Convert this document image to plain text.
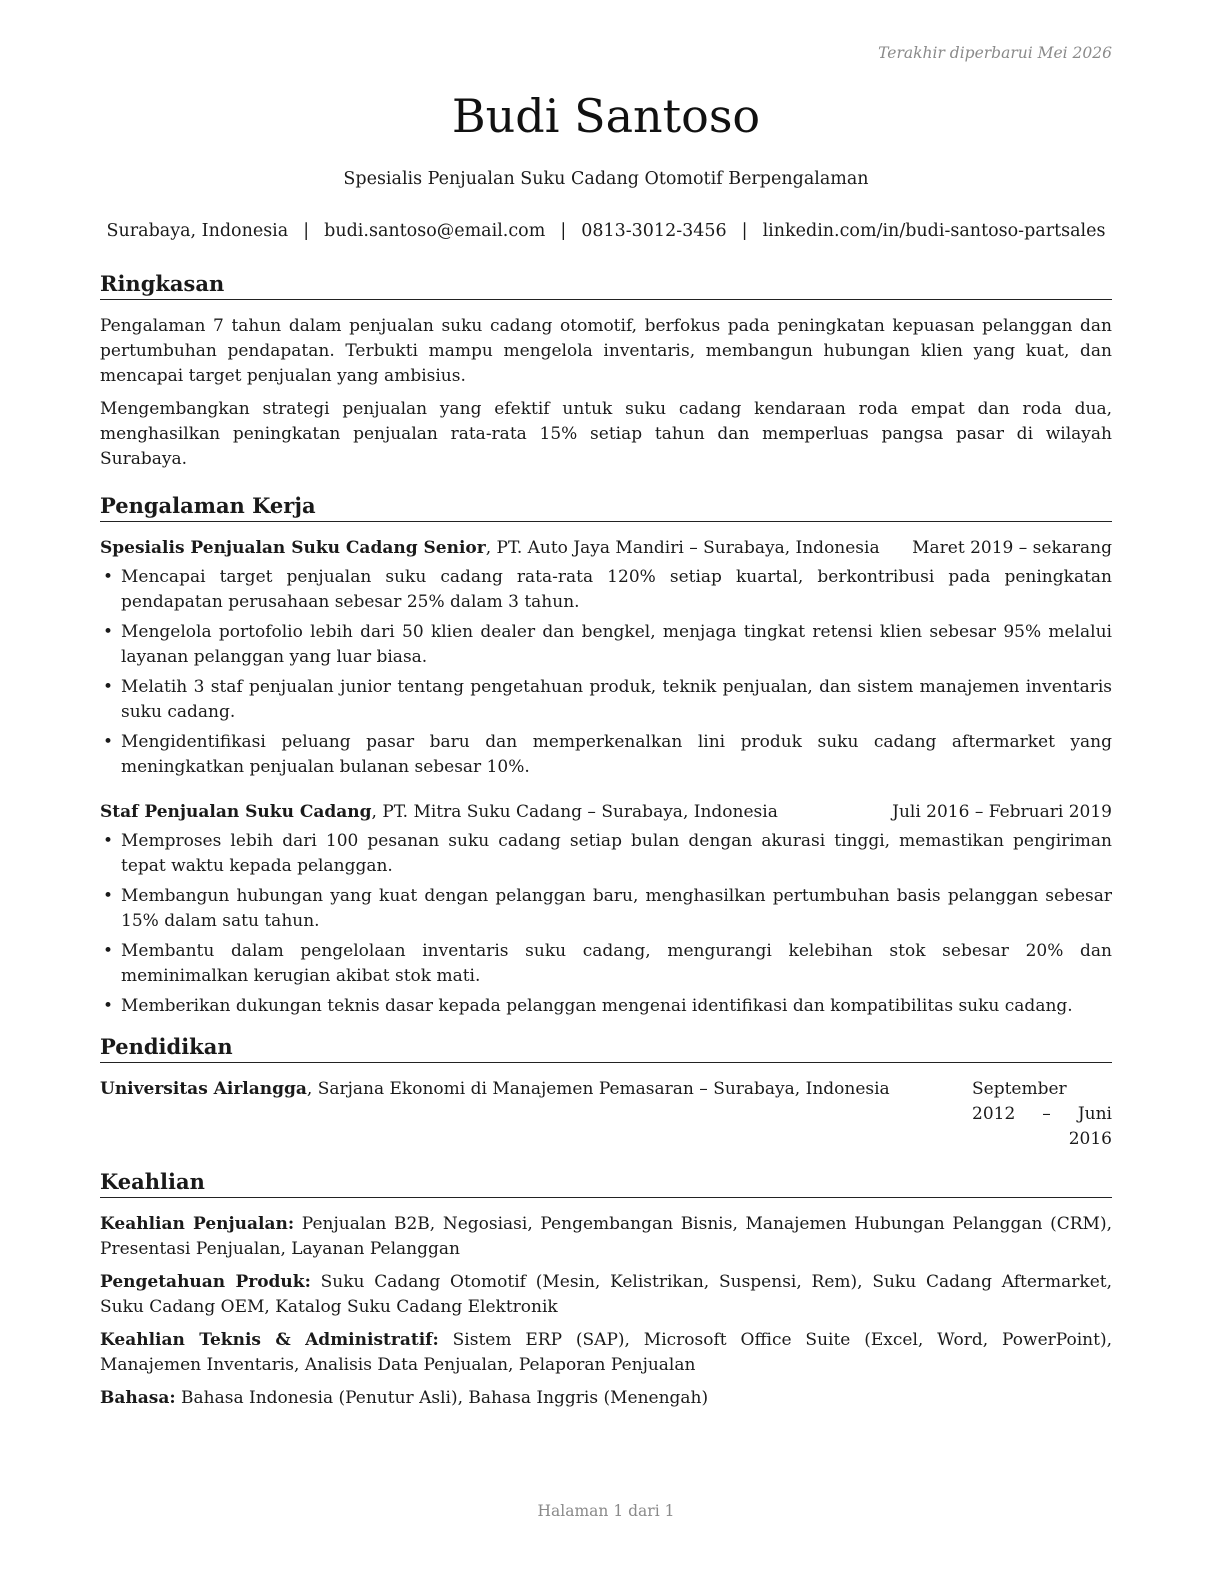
Terakhir diperbarui Mei 2026
Budi Santoso
Spesialis Penjualan Suku Cadang Otomotif Berpengalaman
Surabaya, Indonesia | budi.santoso@email.com | 0813-3012-3456 | linkedin.com/in/budi-santoso-partsales
Ringkasan

Pengalaman 7 tahun dalam penjualan suku cadang otomotif, berfokus pada peningkatan kepuasan pelanggan dan pertumbuhan pendapatan. Terbukti mampu mengelola inventaris, membangun hubungan klien yang kuat, dan mencapai target penjualan yang ambisius.

Mengembangkan strategi penjualan yang efektif untuk suku cadang kendaraan roda empat dan roda dua, menghasilkan peningkatan penjualan rata-rata 15% setiap tahun dan memperluas pangsa pasar di wilayah Surabaya.

Pengalaman Kerja
Spesialis Penjualan Suku Cadang Senior, PT. Auto Jaya Mandiri – Surabaya, Indonesia Maret 2019 – sekarang
• Mencapai target penjualan suku cadang rata-rata 120% setiap kuartal, berkontribusi pada peningkatan pendapatan perusahaan sebesar 25% dalam 3 tahun.
• Mengelola portofolio lebih dari 50 klien dealer dan bengkel, menjaga tingkat retensi klien sebesar 95% melalui layanan pelanggan yang luar biasa.
• Melatih 3 staf penjualan junior tentang pengetahuan produk, teknik penjualan, dan sistem manajemen inventaris suku cadang.
• Mengidentifikasi peluang pasar baru dan memperkenalkan lini produk suku cadang aftermarket yang meningkatkan penjualan bulanan sebesar 10%.
Staf Penjualan Suku Cadang, PT. Mitra Suku Cadang – Surabaya, Indonesia	Juli 2016 – Februari 2019
• Memproses lebih dari 100 pesanan suku cadang setiap bulan dengan akurasi tinggi, memastikan pengiriman tepat waktu kepada pelanggan.
• Membangun hubungan yang kuat dengan pelanggan baru, menghasilkan pertumbuhan basis pelanggan sebesar 15% dalam satu tahun.
• Membantu dalam pengelolaan inventaris suku cadang, mengurangi kelebihan stok sebesar 20% dan meminimalkan kerugian akibat stok mati.
• Memberikan dukungan teknis dasar kepada pelanggan mengenai identifikasi dan kompatibilitas suku cadang.
Pendidikan
Universitas Airlangga, Sarjana Ekonomi di Manajemen Pemasaran – Surabaya, Indonesia	September 2012 – Juni 2016
Keahlian

Keahlian Penjualan: Penjualan B2B, Negosiasi, Pengembangan Bisnis, Manajemen Hubungan Pelanggan (CRM), Presentasi Penjualan, Layanan Pelanggan

Pengetahuan Produk: Suku Cadang Otomotif (Mesin, Kelistrikan, Suspensi, Rem), Suku Cadang Aftermarket, Suku Cadang OEM, Katalog Suku Cadang Elektronik

Keahlian Teknis & Administratif: Sistem ERP (SAP), Microsoft Office Suite (Excel, Word, PowerPoint), Manajemen Inventaris, Analisis Data Penjualan, Pelaporan Penjualan

Bahasa: Bahasa Indonesia (Penutur Asli), Bahasa Inggris (Menengah)

Halaman 1 dari 1
